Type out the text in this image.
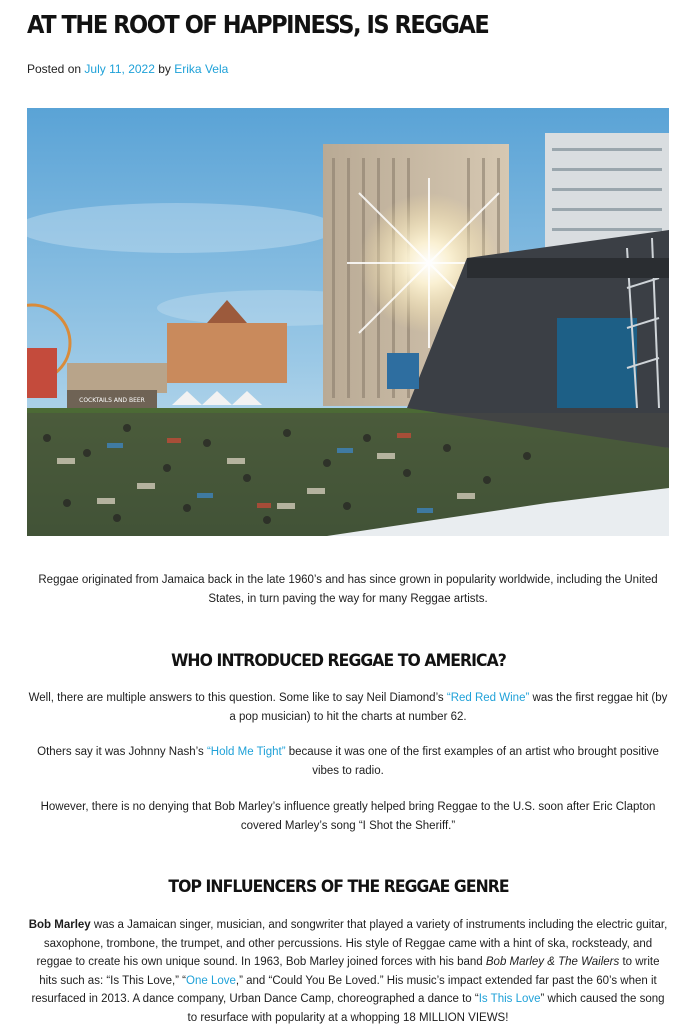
AT THE ROOT OF HAPPINESS, IS REGGAE
Posted on July 11, 2022 by Erika Vela
COCKTAILS AND BEER

Reggae originated from Jamaica back in the late 1960’s and has since grown in popularity worldwide, including the United States, in turn paving the way for many Reggae artists.

WHO INTRODUCED REGGAE TO AMERICA?

Well, there are multiple answers to this question. Some like to say Neil Diamond’s “Red Red Wine” was the first reggae hit (by a pop musician) to hit the charts at number 62.

Others say it was Johnny Nash’s “Hold Me Tight” because it was one of the first examples of an artist who brought positive vibes to radio.

However, there is no denying that Bob Marley’s influence greatly helped bring Reggae to the U.S. soon after Eric Clapton covered Marley’s song “I Shot the Sheriff.”

TOP INFLUENCERS OF THE REGGAE GENRE

Bob Marley was a Jamaican singer, musician, and songwriter that played a variety of instruments including the electric guitar, saxophone, trombone, the trumpet, and other percussions. His style of Reggae came with a hint of ska, rocksteady, and reggae to create his own unique sound. In 1963, Bob Marley joined forces with his band Bob Marley & The Wailers to write hits such as: “Is This Love,” “One Love,” and “Could You Be Loved.” His music’s impact extended far past the 60’s when it resurfaced in 2013. A dance company, Urban Dance Camp, choreographed a dance to “Is This Love” which caused the song to resurface with popularity at a whopping 18 MILLION VIEWS!
